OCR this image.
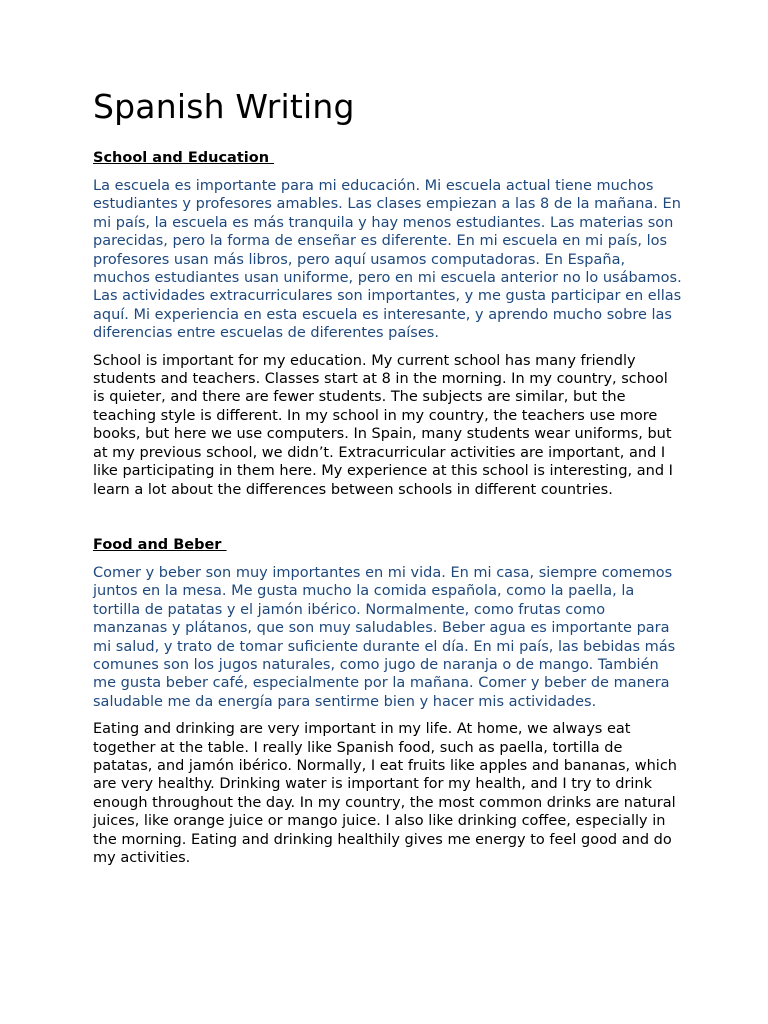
Spanish Writing
School and Education

La escuela es importante para mi educación. Mi escuela actual tiene muchos estudiantes y profesores amables. Las clases empiezan a las 8 de la mañana. En mi país, la escuela es más tranquila y hay menos estudiantes. Las materias son parecidas, pero la forma de enseñar es diferente. En mi escuela en mi país, los profesores usan más libros, pero aquí usamos computadoras. En España, muchos estudiantes usan uniforme, pero en mi escuela anterior no lo usábamos. Las actividades extracurriculares son importantes, y me gusta participar en ellas aquí. Mi experiencia en esta escuela es interesante, y aprendo mucho sobre las diferencias entre escuelas de diferentes países.

School is important for my education. My current school has many friendly students and teachers. Classes start at 8 in the morning. In my country, school is quieter, and there are fewer students. The subjects are similar, but the teaching style is different. In my school in my country, the teachers use more books, but here we use computers. In Spain, many students wear uniforms, but at my previous school, we didn’t. Extracurricular activities are important, and I like participating in them here. My experience at this school is interesting, and I learn a lot about the differences between schools in different countries.

Food and Beber

Comer y beber son muy importantes en mi vida. En mi casa, siempre comemos juntos en la mesa. Me gusta mucho la comida española, como la paella, la tortilla de patatas y el jamón ibérico. Normalmente, como frutas como manzanas y plátanos, que son muy saludables. Beber agua es importante para mi salud, y trato de tomar suficiente durante el día. En mi país, las bebidas más comunes son los jugos naturales, como jugo de naranja o de mango. También me gusta beber café, especialmente por la mañana. Comer y beber de manera saludable me da energía para sentirme bien y hacer mis actividades.

Eating and drinking are very important in my life. At home, we always eat together at the table. I really like Spanish food, such as paella, tortilla de patatas, and jamón ibérico. Normally, I eat fruits like apples and bananas, which are very healthy. Drinking water is important for my health, and I try to drink enough throughout the day. In my country, the most common drinks are natural juices, like orange juice or mango juice. I also like drinking coffee, especially in the morning. Eating and drinking healthily gives me energy to feel good and do my activities.
